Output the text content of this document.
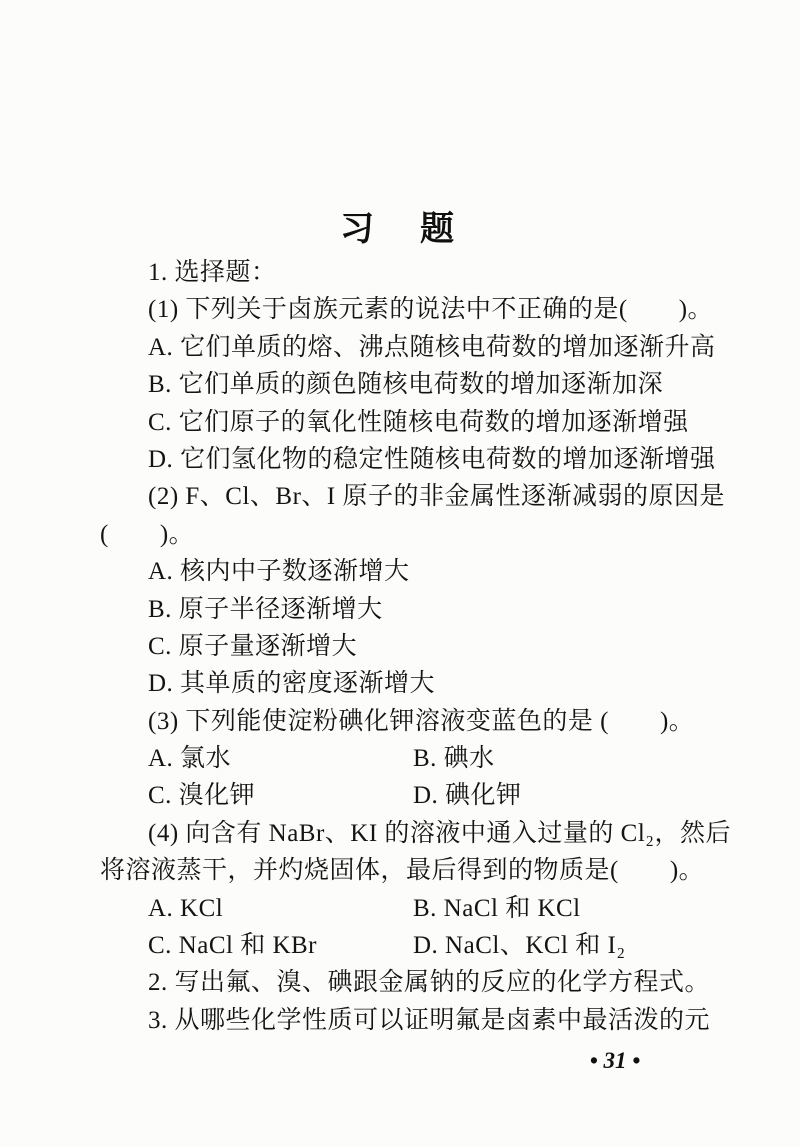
习　题
1. 选择题：
(1) 下列关于卤族元素的说法中不正确的是(　　)。
A. 它们单质的熔、沸点随核电荷数的增加逐渐升高
B. 它们单质的颜色随核电荷数的增加逐渐加深
C. 它们原子的氧化性随核电荷数的增加逐渐增强
D. 它们氢化物的稳定性随核电荷数的增加逐渐增强
(2) F、Cl、Br、I 原子的非金属性逐渐减弱的原因是
(　　)。
A. 核内中子数逐渐增大
B. 原子半径逐渐增大
C. 原子量逐渐增大
D. 其单质的密度逐渐增大
(3) 下列能使淀粉碘化钾溶液变蓝色的是 (　　)。
A. 氯水	B. 碘水
C. 溴化钾	D. 碘化钾
(4) 向含有 NaBr、KI 的溶液中通入过量的 Cl₂，然后
将溶液蒸干，并灼烧固体，最后得到的物质是(　　)。
A. KCl	B. NaCl 和 KCl
C. NaCl 和 KBr	D. NaCl、KCl 和 I₂
2. 写出氟、溴、碘跟金属钠的反应的化学方程式。
3. 从哪些化学性质可以证明氟是卤素中最活泼的元
• 31 •
